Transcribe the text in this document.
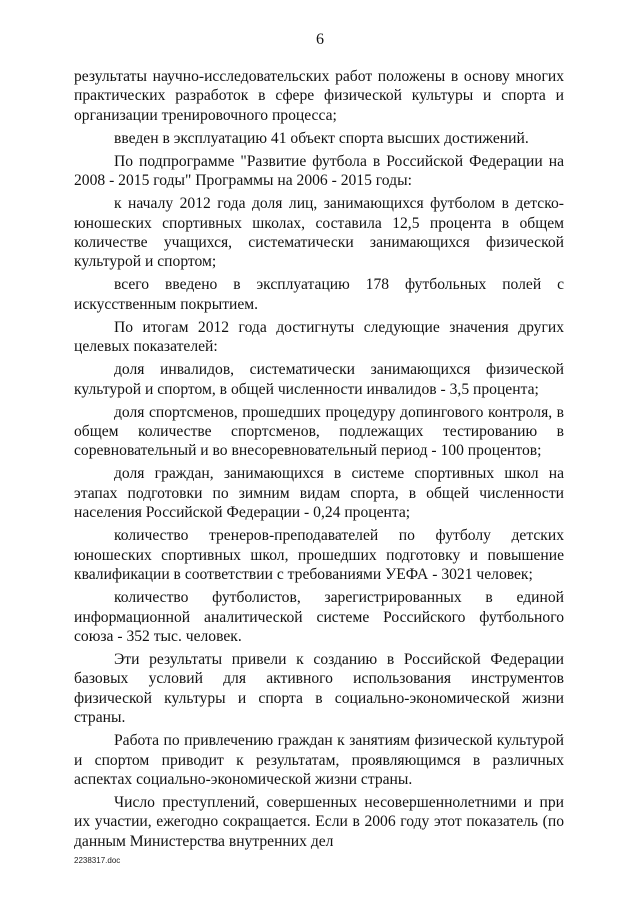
6

результаты научно-исследовательских работ положены в основу многих практических разработок в сфере физической культуры и спорта и организации тренировочного процесса;

введен в эксплуатацию 41 объект спорта высших достижений.

По подпрограмме "Развитие футбола в Российской Федерации на 2008 - 2015 годы" Программы на 2006 - 2015 годы:

к началу 2012 года доля лиц, занимающихся футболом в детско-юношеских спортивных школах, составила 12,5 процента в общем количестве учащихся, систематически занимающихся физической культурой и спортом;

всего введено в эксплуатацию 178 футбольных полей с искусственным покрытием.

По итогам 2012 года достигнуты следующие значения других целевых показателей:

доля инвалидов, систематически занимающихся физической культурой и спортом, в общей численности инвалидов - 3,5 процента;

доля спортсменов, прошедших процедуру допингового контроля, в общем количестве спортсменов, подлежащих тестированию в соревновательный и во внесоревновательный период - 100 процентов;

доля граждан, занимающихся в системе спортивных школ на этапах подготовки по зимним видам спорта, в общей численности населения Российской Федерации - 0,24 процента;

количество тренеров-преподавателей по футболу детских юношеских спортивных школ, прошедших подготовку и повышение квалификации в соответствии с требованиями УЕФА - 3021 человек;

количество футболистов, зарегистрированных в единой информационной аналитической системе Российского футбольного союза - 352 тыс. человек.

Эти результаты привели к созданию в Российской Федерации базовых условий для активного использования инструментов физической культуры и спорта в социально-экономической жизни страны.

Работа по привлечению граждан к занятиям физической культурой и спортом приводит к результатам, проявляющимся в различных аспектах социально-экономической жизни страны.

Число преступлений, совершенных несовершеннолетними и при их участии, ежегодно сокращается. Если в 2006 году этот показатель (по данным Министерства внутренних дел

2238317.doc
